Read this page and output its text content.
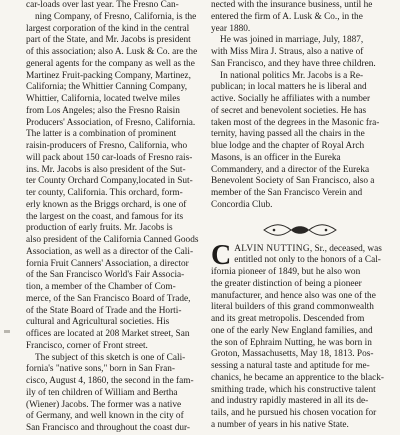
car-loads over last year. The Fresno Can-

ning Company, of Fresno, California, is the

largest corporation of the kind in the central

part of the State, and Mr. Jacobs is president

of this association; also A. Lusk & Co. are the

general agents for the company as well as the

Martinez Fruit-packing Company, Martinez,

California; the Whittier Canning Company,

Whittier, California, located twelve miles

from Los Angeles; also the Fresno Raisin

Producers' Association, of Fresno, California.

The latter is a combination of prominent

raisin-producers of Fresno, California, who

will pack about 150 car-loads of Fresno rais-

ins. Mr. Jacobs is also president of the Sut-

ter County Orchard Company,located in Sut-

ter county, California. This orchard, form-

erly known as the Briggs orchard, is one of

the largest on the coast, and famous for its

production of early fruits. Mr. Jacobs is

also president of the California Canned Goods

Association, as well as a director of the Cali-

fornia Fruit Canners' Association, a director

of the San Francisco World's Fair Associa-

tion, a member of the Chamber of Com-

merce, of the San Francisco Board of Trade,

of the State Board of Trade and the Horti-

cultural and Agricultural societies. His

offices are located at 208 Market street, San

Francisco, corner of Front street.

The subject of this sketch is one of Cali-

fornia's "native sons," born in San Fran-

cisco, August 4, 1860, the second in the fam-

ily of ten children of William and Bertha

(Wiener) Jacobs. The former was a native

of Germany, and well known in the city of

San Francisco and throughout the coast dur-

nected with the insurance business, until he

entered the firm of A. Lusk & Co., in the

year 1880.

He was joined in marriage, July, 1887,

with Miss Mira J. Straus, also a native of

San Francisco, and they have three children.

In national politics Mr. Jacobs is a Re-

publican; in local matters he is liberal and

active. Socially he affiliates with a number

of secret and benevolent societies. He has

taken most of the degrees in the Masonic fra-

ternity, having passed all the chairs in the

blue lodge and the chapter of Royal Arch

Masons, is an officer in the Eureka

Commandery, and a director of the Eureka

Benevolent Society of San Francisco, also a

member of the San Francisco Verein and

Concordia Club.

CALVIN NUTTING, Sr., deceased, was

entitled not only to the honors of a Cal-

ifornia pioneer of 1849, but he also won

the greater distinction of being a pioneer

manufacturer, and hence also was one of the

literal builders of this grand commonwealth

and its great metropolis. Descended from

one of the early New England families, and

the son of Ephraim Nutting, he was born in

Groton, Massachusetts, May 18, 1813. Pos-

sessing a natural taste and aptitude for me-

chanics, he became an apprentice to the black-

smithing trade, which his constructive talent

and industry rapidly mastered in all its de-

tails, and he pursued his chosen vocation for

a number of years in his native State.
